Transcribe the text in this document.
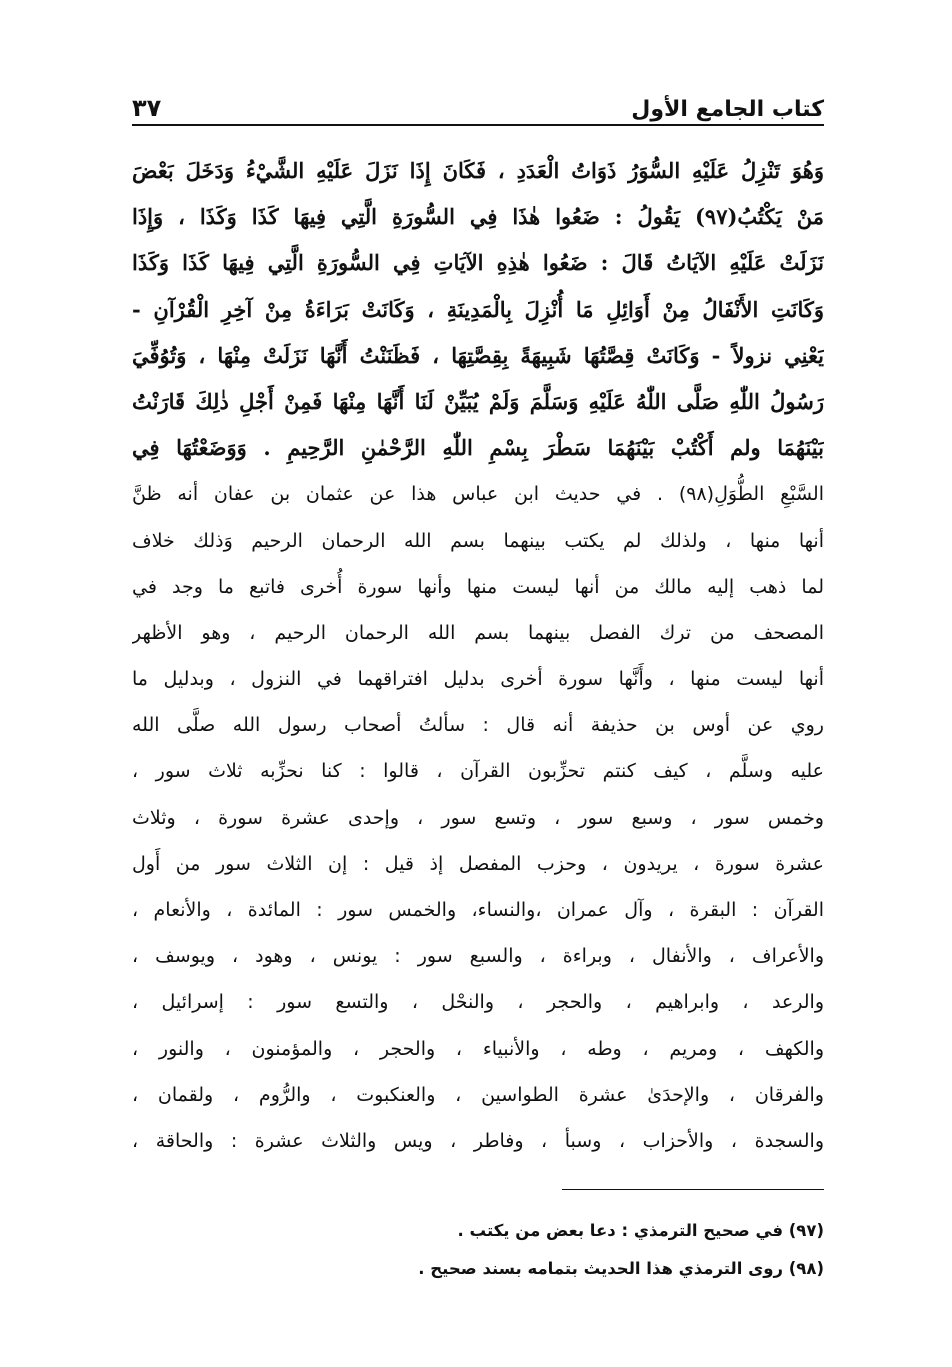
كتاب الجامع الأول
٣٧
وَهُوَ تَنْزِلُ عَلَيْهِ السُّوَرُ ذَوَاتُ الْعَدَدِ ، فَكَانَ إِذَا نَزَلَ عَلَيْهِ الشَّيْءُ وَدَخَلَ بَعْضَ
مَنْ يَكْتُبُ(٩٧) يَقُولُ : ضَعُوا هٰذَا فِي السُّورَةِ الَّتِي فِيهَا كَذَا وَكَذَا ، وَإِذَا
نَزَلَتْ عَلَيْهِ الآيَاتُ قَالَ : ضَعُوا هٰذِهِ الآيَاتِ فِي السُّورَةِ الَّتِي فِيهَا كَذَا وَكَذَا
وَكَانَتِ الأَنْفَالُ مِنْ أَوَائِلِ مَا أُنْزِلَ بِالْمَدِينَةِ ، وَكَانَتْ بَرَاءَةُ مِنْ آخِرِ الْقُرْآنِ -
يَعْنِي نزولاً - وَكَانَتْ قِصَّتُهَا شَبِيهَةً بِقِصَّتِهَا ، فَظَنَنْتُ أَنَّهَا نَزَلَتْ مِنْهَا ، وَتُوُفِّيَ
رَسُولُ اللّٰهِ صَلَّى اللّٰهُ عَلَيْهِ وَسَلَّمَ وَلَمْ يُبَيِّنْ لَنَا أَنَّهَا مِنْهَا فَمِنْ أَجْلِ ذٰلِكَ قَارَنْتُ
بَيْنَهُمَا ولم أَكْتُبْ بَيْنَهُمَا سَطْرَ بِسْمِ اللّٰهِ الرَّحْمٰنِ الرَّحِيمِ . وَوَضَعْتُهَا فِي
السَّبْعِ الطُّوَلِ(٩٨) . في حديث ابن عباس هذا عن عثمان بن عفان أنه ظنَّ
أنها منها ، ولذلك لم يكتب بينهما بسم الله الرحمان الرحيم وَذلك خلاف
لما ذهب إليه مالك من أنها ليست منها وأنها سورة أُخرى فاتبع ما وجد في
المصحف من ترك الفصل بينهما بسم الله الرحمان الرحيم ، وهو الأظهر
أنها ليست منها ، وأَنَّها سورة أخرى بدليل افتراقهما في النزول ، وبدليل ما
روي عن أوس بن حذيفة أنه قال : سألتُ أصحاب رسول الله صلَّى الله
عليه وسلَّم ، كيف كنتم تحزِّبون القرآن ، قالوا : كنا نحزِّبه ثلاث سور ،
وخمس سور ، وسبع سور ، وتسع سور ، وإحدى عشرة سورة ، وثلاث
عشرة سورة ، يريدون ، وحزب المفصل إذ قيل : إن الثلاث سور من أَول
القرآن : البقرة ، وآل عمران ،والنساء، والخمس سور : المائدة ، والأنعام ،
والأعراف ، والأنفال ، وبراءة ، والسبع سور : يونس ، وهود ، ويوسف ،
والرعد ، وابراهيم ، والحجر ، والنحْل ، والتسع سور : إسرائيل ،
والكهف ، ومريم ، وطه ، والأنبياء ، والحجر ، والمؤمنون ، والنور ،
والفرقان ، والإحدَىٰ عشرة الطواسين ، والعنكبوت ، والرُّوم ، ولقمان ،
والسجدة ، والأحزاب ، وسبأ ، وفاطر ، ويس والثلاث عشرة : والحاقة ،
(٩٧) في صحيح الترمذي : دعا بعض من يكتب .
(٩٨) روى الترمذي هذا الحديث بتمامه بسند صحيح .
